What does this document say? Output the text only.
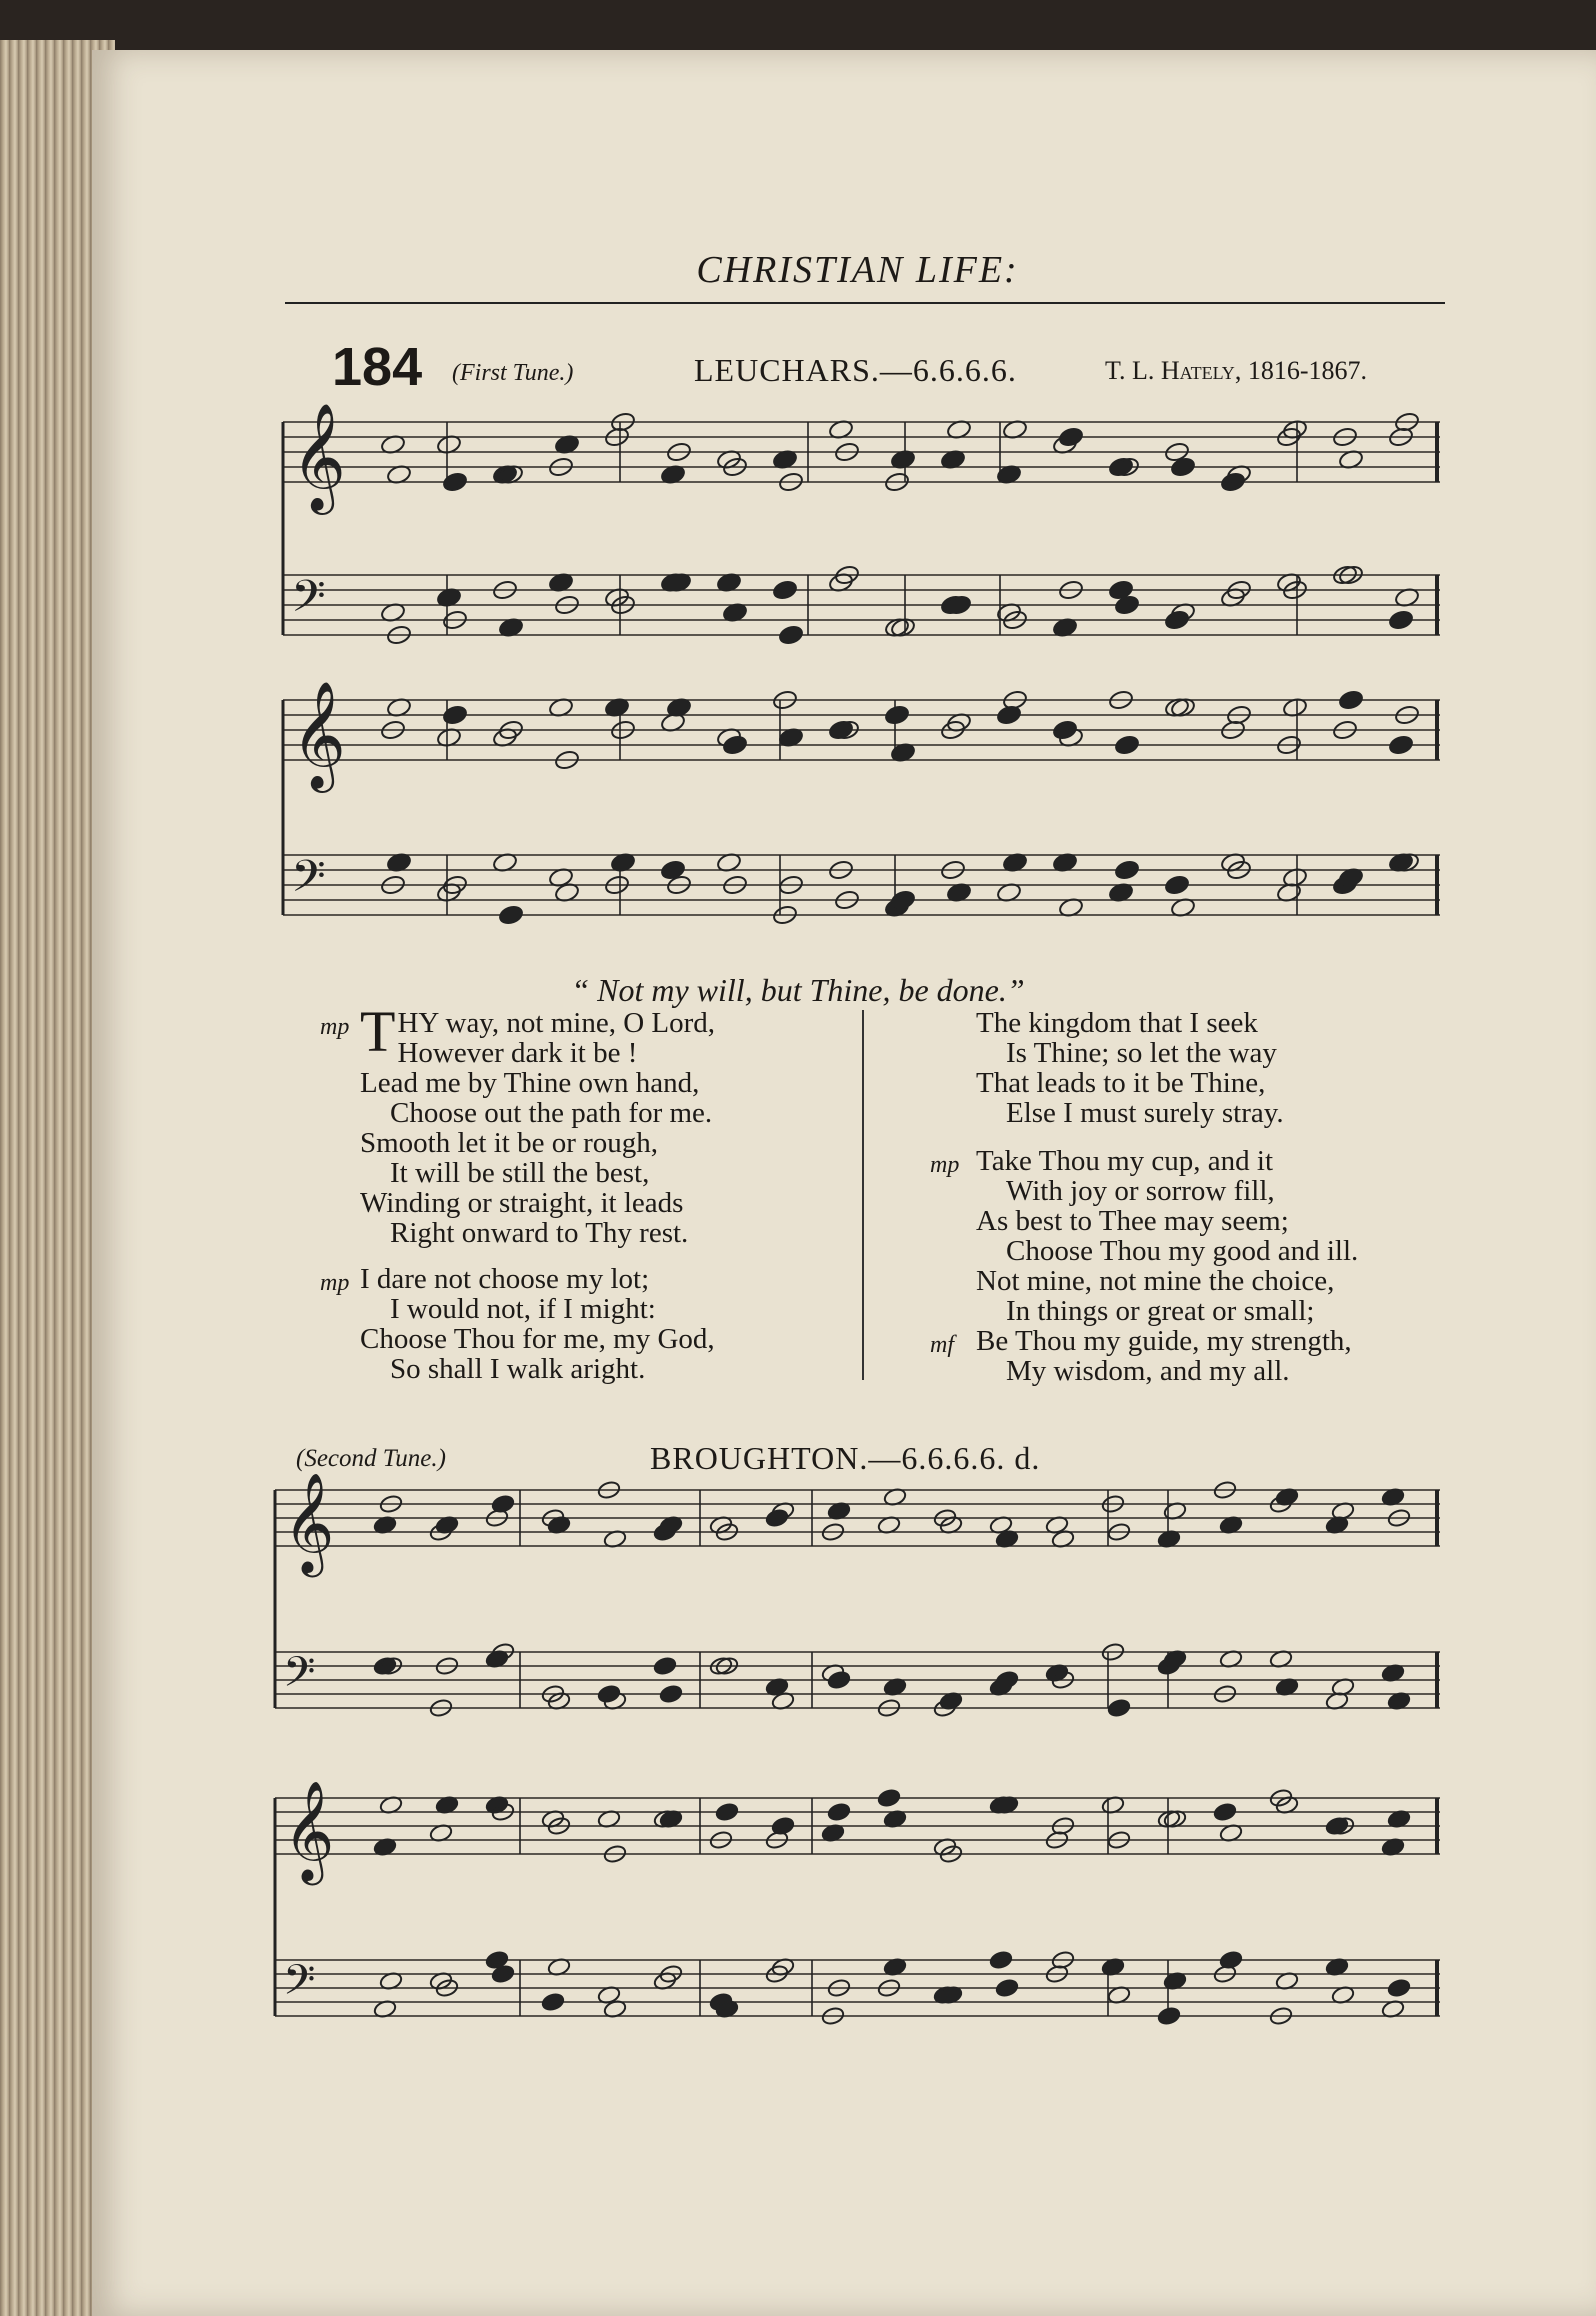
CHRISTIAN LIFE:
184 (First Tune.)	LEUCHARS.—6.6.6.6.	T. L. Hately, 1816-1867.
𝄞
𝄢
𝄞
𝄢
𝄞
𝄢
𝄞
𝄢
“ Not my will, but Thine, be done.”
mp THY way, not mine, O Lord,
However dark it be !
Lead me by Thine own hand,
Choose out the path for me.
Smooth let it be or rough,
It will be still the best,
Winding or straight, it leads
Right onward to Thy rest.
mp I dare not choose my lot;
I would not, if I might:
Choose Thou for me, my God,
So shall I walk aright.
The kingdom that I seek
Is Thine; so let the way
That leads to it be Thine,
Else I must surely stray.
mp
mf
Take Thou my cup, and it
With joy or sorrow fill,
As best to Thee may seem;
Choose Thou my good and ill.
Not mine, not mine the choice,
In things or great or small;
Be Thou my guide, my strength,
My wisdom, and my all.
(Second Tune.)	BROUGHTON.—6.6.6.6. d.
